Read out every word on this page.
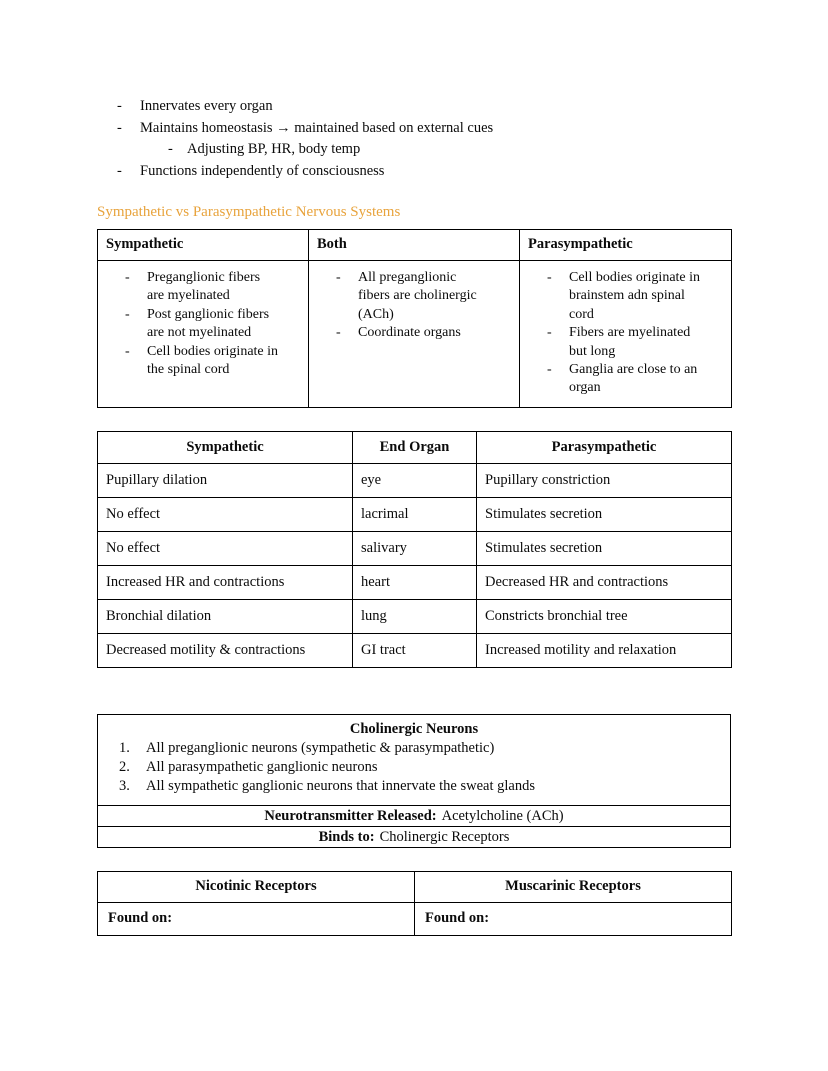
-	Innervates every organ
-	Maintains homeostasis → maintained based on external cues
- Adjusting BP, HR, body temp
-	Functions independently of consciousness
Sympathetic vs Parasympathetic Nervous Systems
Sympathetic	Both	Parasympathetic

-	Preganglionic fibers are myelinated
-	Post ganglionic fibers are not myelinated
-	Cell bodies originate in the spinal cord

-	All preganglionic fibers are cholinergic (ACh)
-	Coordinate organs

-	Cell bodies originate in brainstem adn spinal cord
-	Fibers are myelinated but long
-	Ganglia are close to an organ
Sympathetic	End Organ	Parasympathetic
Pupillary dilation	eye	Pupillary constriction
No effect	lacrimal	Stimulates secretion
No effect	salivary	Stimulates secretion
Increased HR and contractions	heart	Decreased HR and contractions
Bronchial dilation	lung	Constricts bronchial tree
Decreased motility & contractions	GI tract	Increased motility and relaxation
Cholinergic Neurons
1.	All preganglionic neurons (sympathetic & parasympathetic)
2.	All parasympathetic ganglionic neurons
3.	All sympathetic ganglionic neurons that innervate the sweat glands

Neurotransmitter Released: Acetylcholine (ACh)
Binds to: Cholinergic Receptors
Nicotinic Receptors	Muscarinic Receptors
Found on:	Found on:
